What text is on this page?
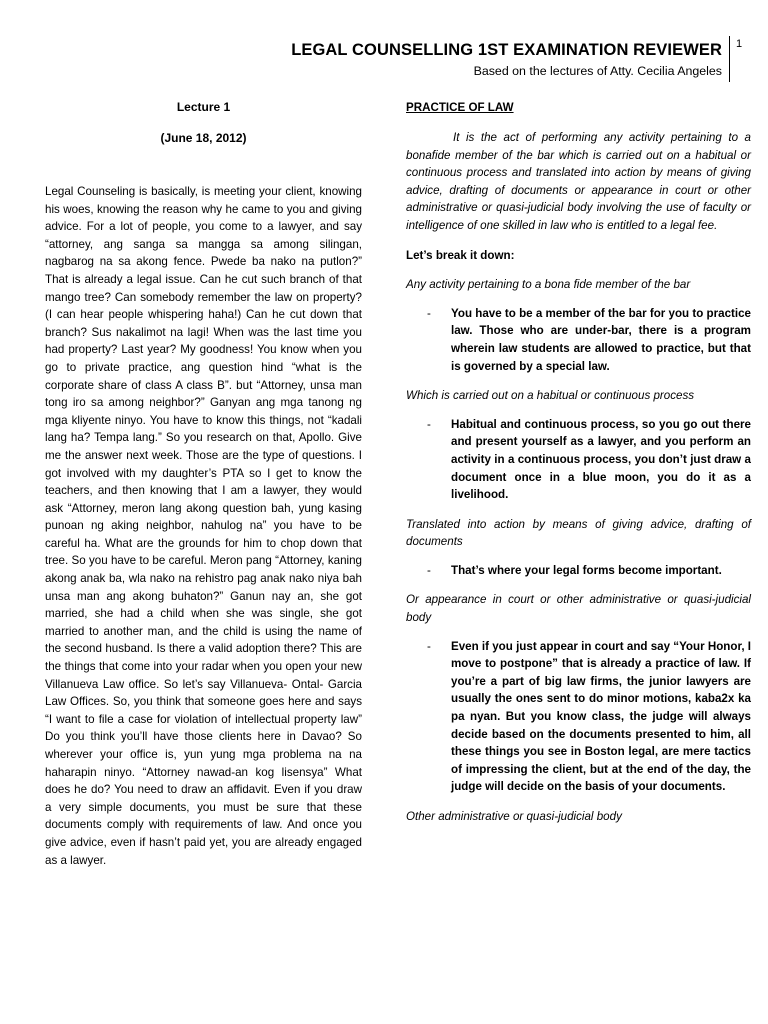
LEGAL COUNSELLING 1ST EXAMINATION REVIEWER
Based on the lectures of Atty. Cecilia Angeles
1
Lecture 1
(June 18, 2012)
Legal Counseling is basically, is meeting your client, knowing his woes, knowing the reason why he came to you and giving advice. For a lot of people, you come to a lawyer, and say “attorney, ang sanga sa mangga sa among silingan, nagbarog na sa akong fence. Pwede ba nako na putlon?” That is already a legal issue. Can he cut such branch of that mango tree? Can somebody remember the law on property? (I can hear people whispering haha!) Can he cut down that branch? Sus nakalimot na lagi! When was the last time you had property? Last year? My goodness! You know when you go to private practice, ang question hind “what is the corporate share of class A class B”. but “Attorney, unsa man tong iro sa among neighbor?” Ganyan ang mga tanong ng mga kliyente ninyo. You have to know this things, not “kadali lang ha? Tempa lang.” So you research on that, Apollo. Give me the answer next week. Those are the type of questions. I got involved with my daughter’s PTA so I get to know the teachers, and then knowing that I am a lawyer, they would ask “Attorney, meron lang akong question bah, yung kasing punoan ng aking neighbor, nahulog na” you have to be careful ha. What are the grounds for him to chop down that tree. So you have to be careful. Meron pang “Attorney, kaning akong anak ba, wla nako na rehistro pag anak nako niya bah unsa man ang akong buhaton?” Ganun nay an, she got married, she had a child when she was single, she got married to another man, and the child is using the name of the second husband. Is there a valid adoption there? This are the things that come into your radar when you open your new Villanueva Law office. So let’s say Villanueva- Ontal- Garcia Law Offices. So, you think that someone goes here and says “I want to file a case for violation of intellectual property law” Do you think you’ll have those clients here in Davao? So wherever your office is, yun yung mga problema na na haharapin ninyo. “Attorney nawad-an kog lisensya” What does he do? You need to draw an affidavit. Even if you draw a very simple documents, you must be sure that these documents comply with requirements of law. And once you give advice, even if hasn’t paid yet, you are already engaged as a lawyer.
PRACTICE OF LAW
It is the act of performing any activity pertaining to a bonafide member of the bar which is carried out on a habitual or continuous process and translated into action by means of giving advice, drafting of documents or appearance in court or other administrative or quasi-judicial body involving the use of faculty or intelligence of one skilled in law who is entitled to a legal fee.
Let’s break it down:
Any activity pertaining to a bona fide member of the bar
- You have to be a member of the bar for you to practice law. Those who are under-bar, there is a program wherein law students are allowed to practice, but that is governed by a special law.
Which is carried out on a habitual or continuous process
- Habitual and continuous process, so you go out there and present yourself as a lawyer, and you perform an activity in a continuous process, you don’t just draw a document once in a blue moon, you do it as a livelihood.
Translated into action by means of giving advice, drafting of documents
- That’s where your legal forms become important.
Or appearance in court or other administrative or quasi-judicial body
- Even if you just appear in court and say “Your Honor, I move to postpone” that is already a practice of law. If you’re a part of big law firms, the junior lawyers are usually the ones sent to do minor motions, kaba2x ka pa nyan. But you know class, the judge will always decide based on the documents presented to him, all these things you see in Boston legal, are mere tactics of impressing the client, but at the end of the day, the judge will decide on the basis of your documents.
Other administrative or quasi-judicial body
